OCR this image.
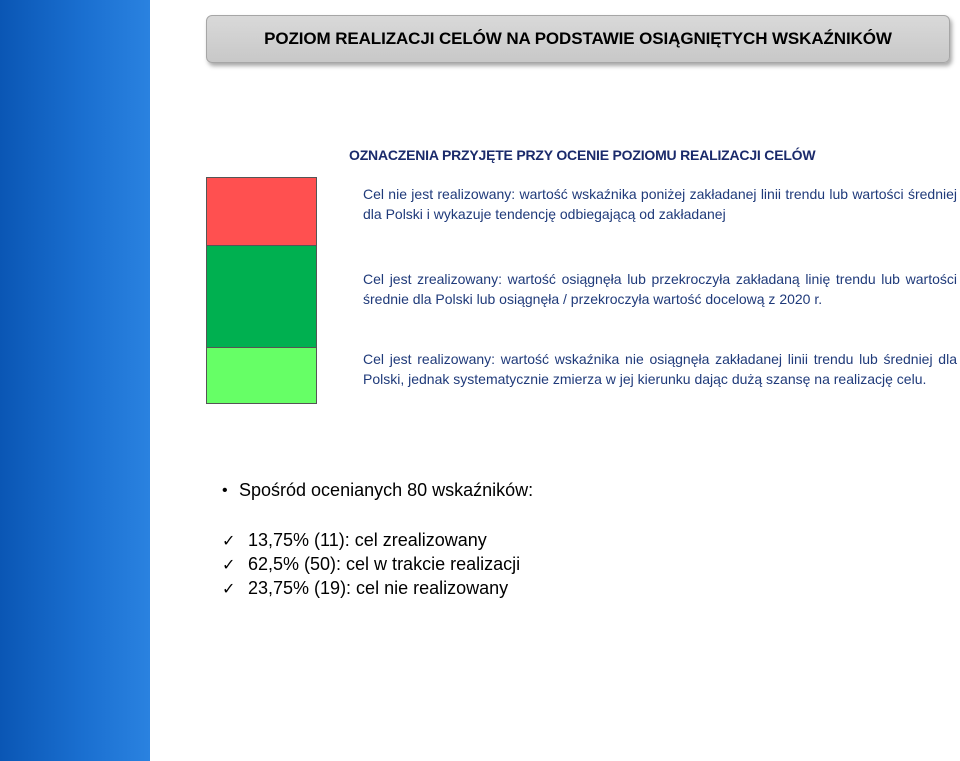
POZIOM REALIZACJI CELÓW NA PODSTAWIE OSIĄGNIĘTYCH WSKAŹNIKÓW
OZNACZENIA PRZYJĘTE PRZY OCENIE POZIOMU REALIZACJI CELÓW

Cel nie jest realizowany: wartość wskaźnika poniżej zakładanej linii trendu lub wartości średniej dla Polski i wykazuje tendencję odbiegającą od zakładanej

Cel jest zrealizowany: wartość osiągnęła lub przekroczyła zakładaną linię trendu lub wartości średnie dla Polski lub osiągnęła / przekroczyła wartość docelową z 2020 r.

Cel jest realizowany: wartość wskaźnika nie osiągnęła zakładanej linii trendu lub średniej dla Polski, jednak systematycznie zmierza w jej kierunku dając dużą szansę na realizację celu.

• Spośród ocenianych 80 wskaźników:
✓ 13,75% (11): cel zrealizowany
✓ 62,5% (50): cel w trakcie realizacji
✓ 23,75% (19): cel nie realizowany
